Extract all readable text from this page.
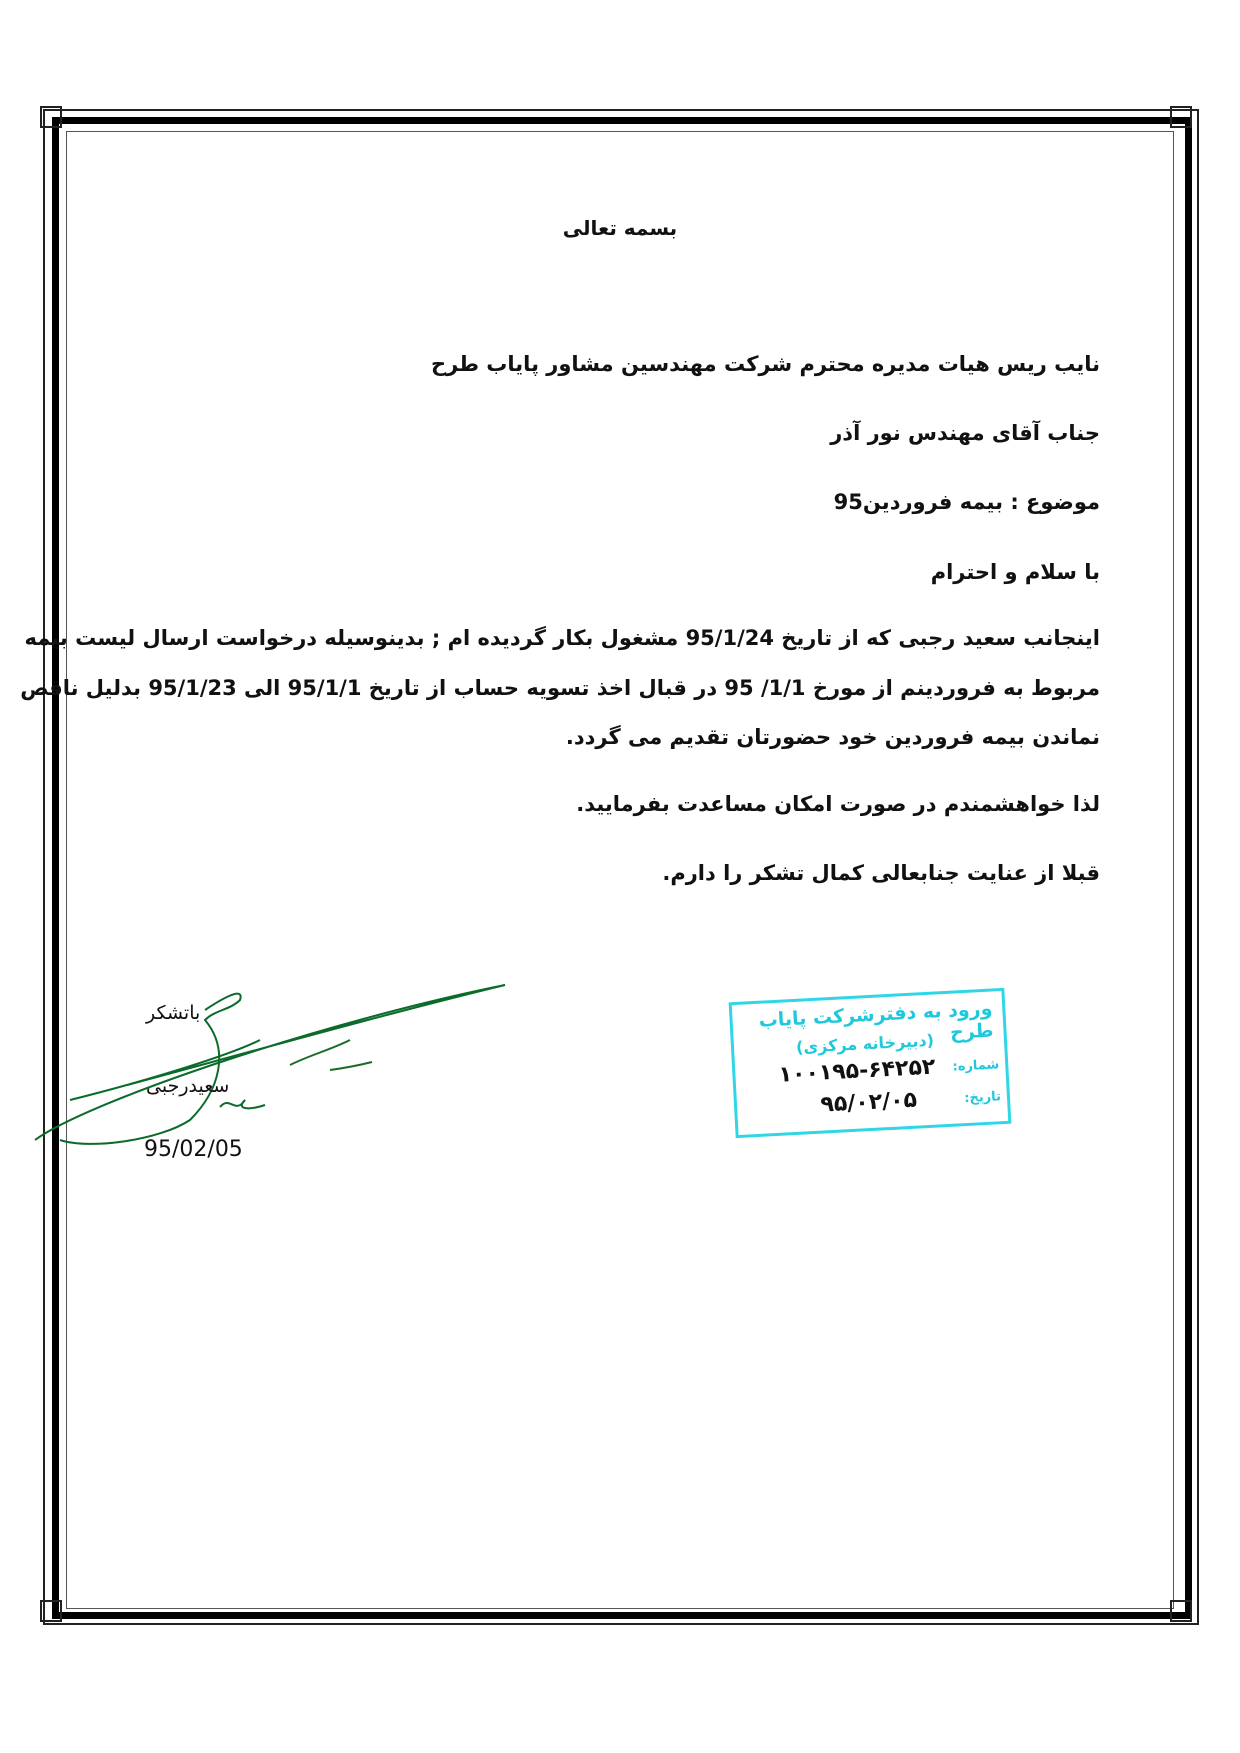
بسمه تعالی
نایب ریس هیات مدیره محترم شرکت مهندسین مشاور پایاب طرح
جناب آقای مهندس نور آذر
موضوع : بیمه فروردین95
با سلام و احترام
اینجانب سعید رجبی که از تاریخ 95/1/24 مشغول بکار گردیده ام ; بدینوسیله درخواست ارسال لیست بیمه
مربوط به فروردینم از مورخ 1/1/ 95 در قبال اخذ تسویه حساب از تاریخ 95/1/1 الی 95/1/23 بدلیل ناقص
نماندن بیمه فروردین خود حضورتان تقدیم می گردد.
لذا خواهشمندم در صورت امکان مساعدت بفرمایید.
قبلا از عنایت جنابعالی کمال تشکر را دارم.
باتشکر
سعیدرجبی
95/02/05
ورود به دفترشرکت پایاب طرح
(دبیرخانه مرکزی)
شماره:
۱۰۰۱۹۵-۶۴۲۵۲
تاریخ:
۹۵/۰۲/۰۵
